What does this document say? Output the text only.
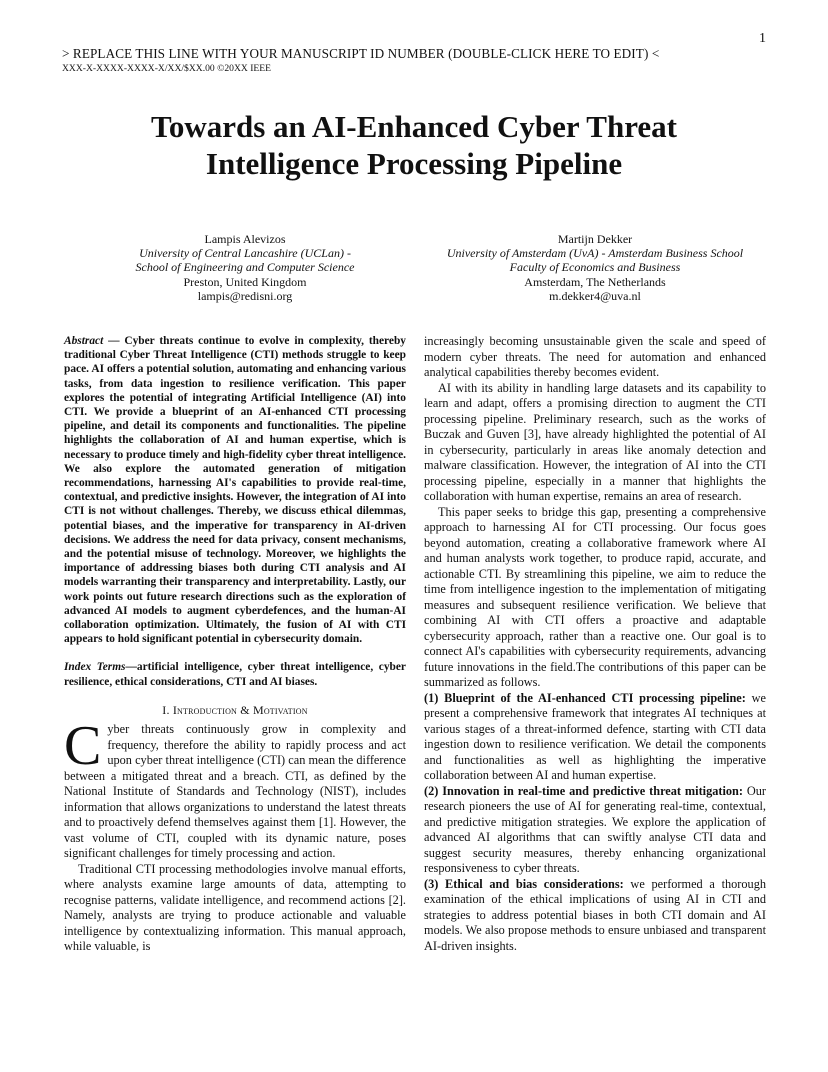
1
> REPLACE THIS LINE WITH YOUR MANUSCRIPT ID NUMBER (DOUBLE-CLICK HERE TO EDIT) <
XXX-X-XXXX-XXXX-X/XX/$XX.00 ©20XX IEEE
Towards an AI-Enhanced Cyber Threat
Intelligence Processing Pipeline
Lampis Alevizos
University of Central Lancashire (UCLan) -
School of Engineering and Computer Science
Preston, United Kingdom
lampis@redisni.org
Martijn Dekker
University of Amsterdam (UvA) - Amsterdam Business School
Faculty of Economics and Business
Amsterdam, The Netherlands
m.dekker4@uva.nl

Abstract — Cyber threats continue to evolve in complexity, thereby traditional Cyber Threat Intelligence (CTI) methods struggle to keep pace. AI offers a potential solution, automating and enhancing various tasks, from data ingestion to resilience verification. This paper explores the potential of integrating Artificial Intelligence (AI) into CTI. We provide a blueprint of an AI-enhanced CTI processing pipeline, and detail its components and functionalities. The pipeline highlights the collaboration of AI and human expertise, which is necessary to produce timely and high-fidelity cyber threat intelligence. We also explore the automated generation of mitigation recommendations, harnessing AI's capabilities to provide real-time, contextual, and predictive insights. However, the integration of AI into CTI is not without challenges. Thereby, we discuss ethical dilemmas, potential biases, and the imperative for transparency in AI-driven decisions. We address the need for data privacy, consent mechanisms, and the potential misuse of technology. Moreover, we highlights the importance of addressing biases both during CTI analysis and AI models warranting their transparency and interpretability. Lastly, our work points out future research directions such as the exploration of advanced AI models to augment cyberdefences, and the human-AI collaboration optimization. Ultimately, the fusion of AI with CTI appears to hold significant potential in cybersecurity domain.

Index Terms—artificial intelligence, cyber threat intelligence, cyber resilience, ethical considerations, CTI and AI biases.

I. Introduction & Motivation

Cyber threats continuously grow in complexity and frequency, therefore the ability to rapidly process and act upon cyber threat intelligence (CTI) can mean the difference between a mitigated threat and a breach. CTI, as defined by the National Institute of Standards and Technology (NIST), includes information that allows organizations to understand the latest threats and to proactively defend themselves against them [1]. However, the vast volume of CTI, coupled with its dynamic nature, poses significant challenges for timely processing and action.

Traditional CTI processing methodologies involve manual efforts, where analysts examine large amounts of data, attempting to recognise patterns, validate intelligence, and recommend actions [2]. Namely, analysts are trying to produce actionable and valuable intelligence by contextualizing information. This manual approach, while valuable, is

increasingly becoming unsustainable given the scale and speed of modern cyber threats. The need for automation and enhanced analytical capabilities thereby becomes evident.

AI with its ability in handling large datasets and its capability to learn and adapt, offers a promising direction to augment the CTI processing pipeline. Preliminary research, such as the works of Buczak and Guven [3], have already highlighted the potential of AI in cybersecurity, particularly in areas like anomaly detection and malware classification. However, the integration of AI into the CTI processing pipeline, especially in a manner that highlights the collaboration with human expertise, remains an area of research.

This paper seeks to bridge this gap, presenting a comprehensive approach to harnessing AI for CTI processing. Our focus goes beyond automation, creating a collaborative framework where AI and human analysts work together, to produce rapid, accurate, and actionable CTI. By streamlining this pipeline, we aim to reduce the time from intelligence ingestion to the implementation of mitigating measures and subsequent resilience verification. We believe that combining AI with CTI offers a proactive and adaptable cybersecurity approach, rather than a reactive one. Our goal is to connect AI's capabilities with cybersecurity requirements, advancing future innovations in the field.The contributions of this paper can be summarized as follows.

(1) Blueprint of the AI-enhanced CTI processing pipeline: we present a comprehensive framework that integrates AI techniques at various stages of a threat-informed defence, starting with CTI data ingestion down to resilience verification. We detail the components and functionalities as well as highlighting the imperative collaboration between AI and human expertise.

(2) Innovation in real-time and predictive threat mitigation: Our research pioneers the use of AI for generating real-time, contextual, and predictive mitigation strategies. We explore the application of advanced AI algorithms that can swiftly analyse CTI data and suggest security measures, thereby enhancing organizational responsiveness to cyber threats.

(3) Ethical and bias considerations: we performed a thorough examination of the ethical implications of using AI in CTI and strategies to address potential biases in both CTI domain and AI models. We also propose methods to ensure unbiased and transparent AI-driven insights.
